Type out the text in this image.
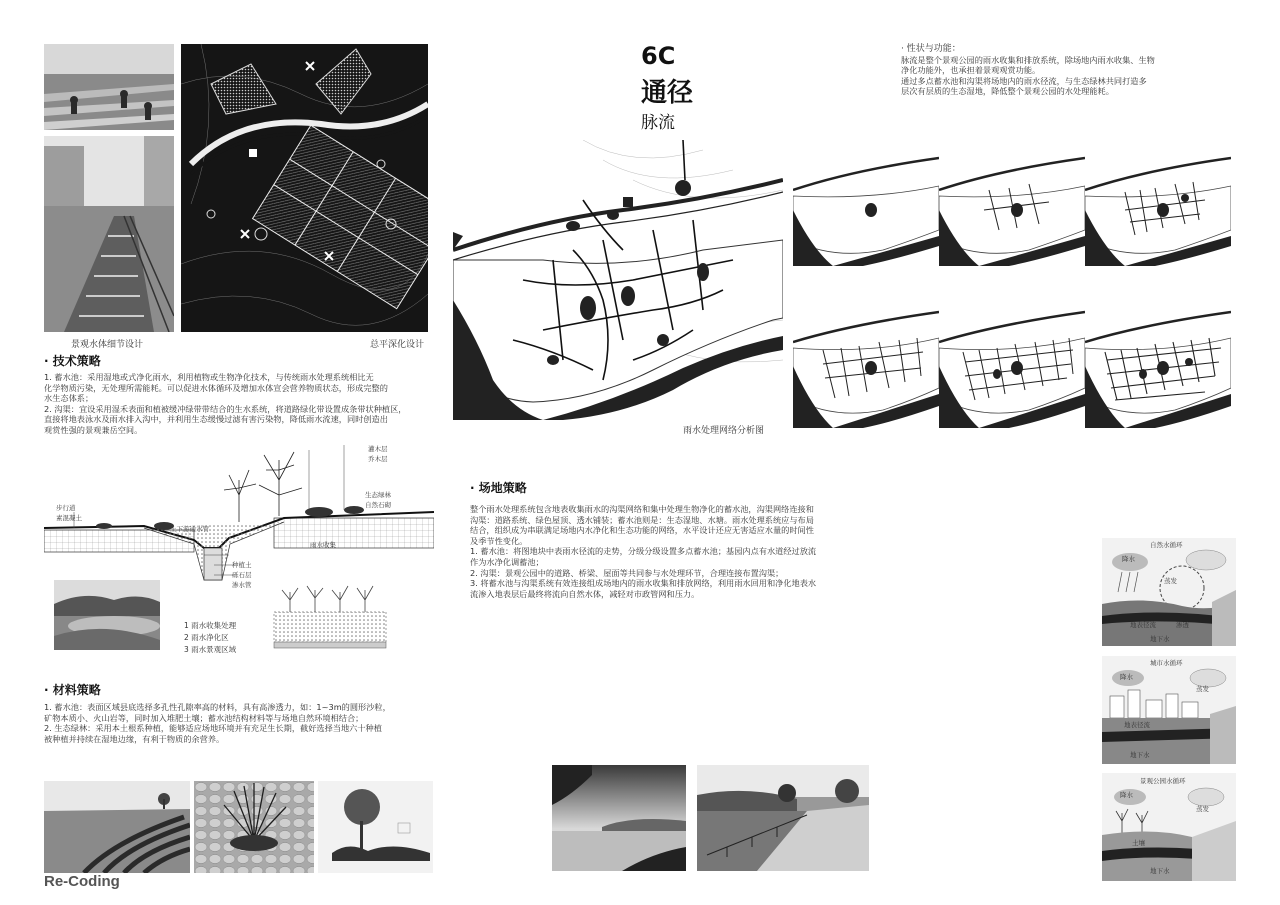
6C
通径
脉流

· 性状与功能：

脉流是整个景观公园的雨水收集和排放系统，除场地内雨水收集、生物

净化功能外，也承担着景观观赏功能。

通过多点蓄水池和沟渠将场地内的雨水径流，与生态绿林共同打造多

层次有层质的生态湿地，降低整个景观公园的水处理能耗。

景观水体细节设计	总平深化设计
· 技术策略

1. 蓄水池：采用湿地或式净化雨水，利用植物或生物净化技术，与传统雨水处理系统相比无

化学物质污染，无处理所需能耗。可以促进水体循环及增加水体宣会营养物质状态，形成完整的

水生态体系；

2. 沟渠：宜设采用湿禾表面和植被缓冲绿带带结合的生水系统，将道路绿化带设置成条带状种植区，

直接将地表泳水及雨水排入沟中，并利用生态缓慢过滤有害污染物，降低雨水流速，同时创造出

观赏性强的景观兼岳空间。

步行道
素混凝土
上下游通水管
种植土
砾石层
渗水管
雨水收集
灌木层
乔木层
生态绿林
自然石砌
1 雨水收集处理
2 雨水净化区
3 雨水景观区域
· 材料策略

1. 蓄水池：表面区域县底选择多孔性孔隙率高的材料，具有高渗透力，如：1~3m的圆形沙粒，

矿物本质小、火山岩等，同时加入堆肥土壤；蓄水池结构材料等与场地自然环境相结合；

2. 生态绿林：采用本土根系种植，能够适应场地环境并有充足生长期，截好选择当地六十种植

被种植并持续在湿地边缘，有利于物质的余营养。

Re-Coding
雨水处理网络分析图
· 场地策略

整个雨水处理系统包含地表收集雨水的沟渠网络和集中处理生物净化的蓄水池，沟渠网络连接和

沟渠：道路系统、绿色屋顶、透水铺装；蓄水池则是：生态湿地、水塘。雨水处理系统应与布局

结合，组织成为串联满足场地内水净化和生态功能的网络，水平设计还应无害适应水量的时间性

及季节性变化。

1. 蓄水池：将图地块中表雨水径流的走势，分级分级设置多点蓄水池；基园内点有水道经过放流

作为水净化调蓄池；

2. 沟渠：景观公园中的道路、桥梁、屋面等共同参与水处理环节，合理连接布置沟渠；

3. 将蓄水池与沟渠系统有效连接组成场地内的雨水收集和排放网络，利用雨水回用和净化地表水

流渗入地表层后最终将流向自然水体，减轻对市政管网和压力。

自然水循环
降水
蒸发
地表径流	渗透
地下水
城市水循环
降水
蒸发
地表径流
地下水
景观公园水循环
降水
蒸发
土壤
地下水
